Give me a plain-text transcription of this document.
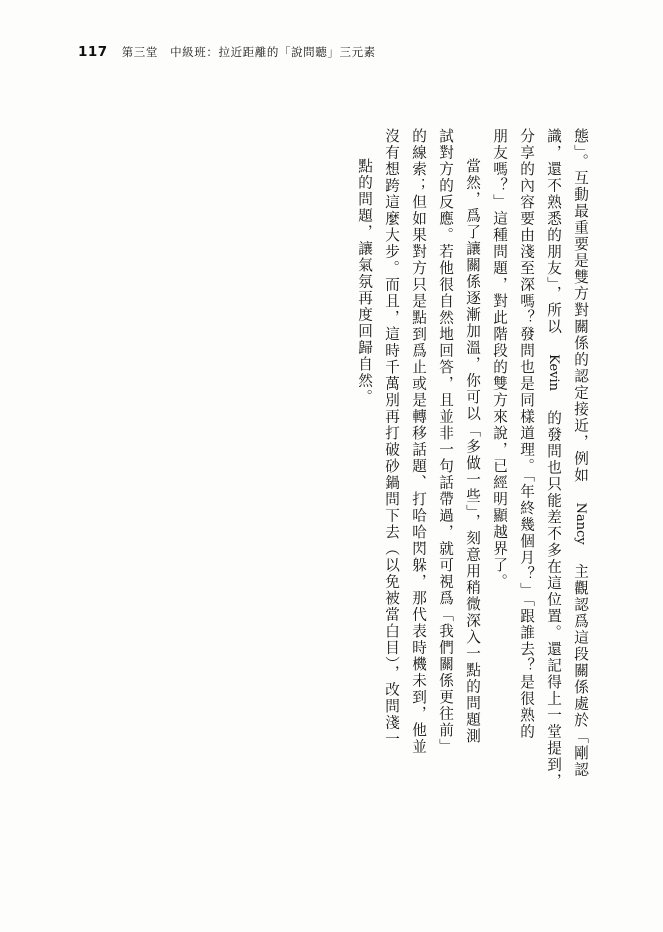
117 第三堂　中級班：拉近距離的「說問聽」三元素
態」。互動最重要是雙方對關係的認定接近，例如 Nancy 主觀認爲這段關係處於「剛認
識，還不熟悉的朋友」，所以 Kevin 的發問也只能差不多在這位置。還記得上一堂提到，
分享的內容要由淺至深嗎？發問也是同樣道理。「年終幾個月？」「跟誰去？是很熟的
朋友嗎？」這種問題，對此階段的雙方來說，已經明顯越界了。
當然，爲了讓關係逐漸加溫，你可以「多做一些」，刻意用稍微深入一點的問題測
試對方的反應。若他很自然地回答，且並非一句話帶過，就可視爲「我們關係更往前」
的線索；但如果對方只是點到爲止或是轉移話題、打哈哈閃躲，那代表時機未到，他並
沒有想跨這麼大步。而且，這時千萬別再打破砂鍋問下去（以免被當白目），改問淺一
點的問題，讓氣氛再度回歸自然。
